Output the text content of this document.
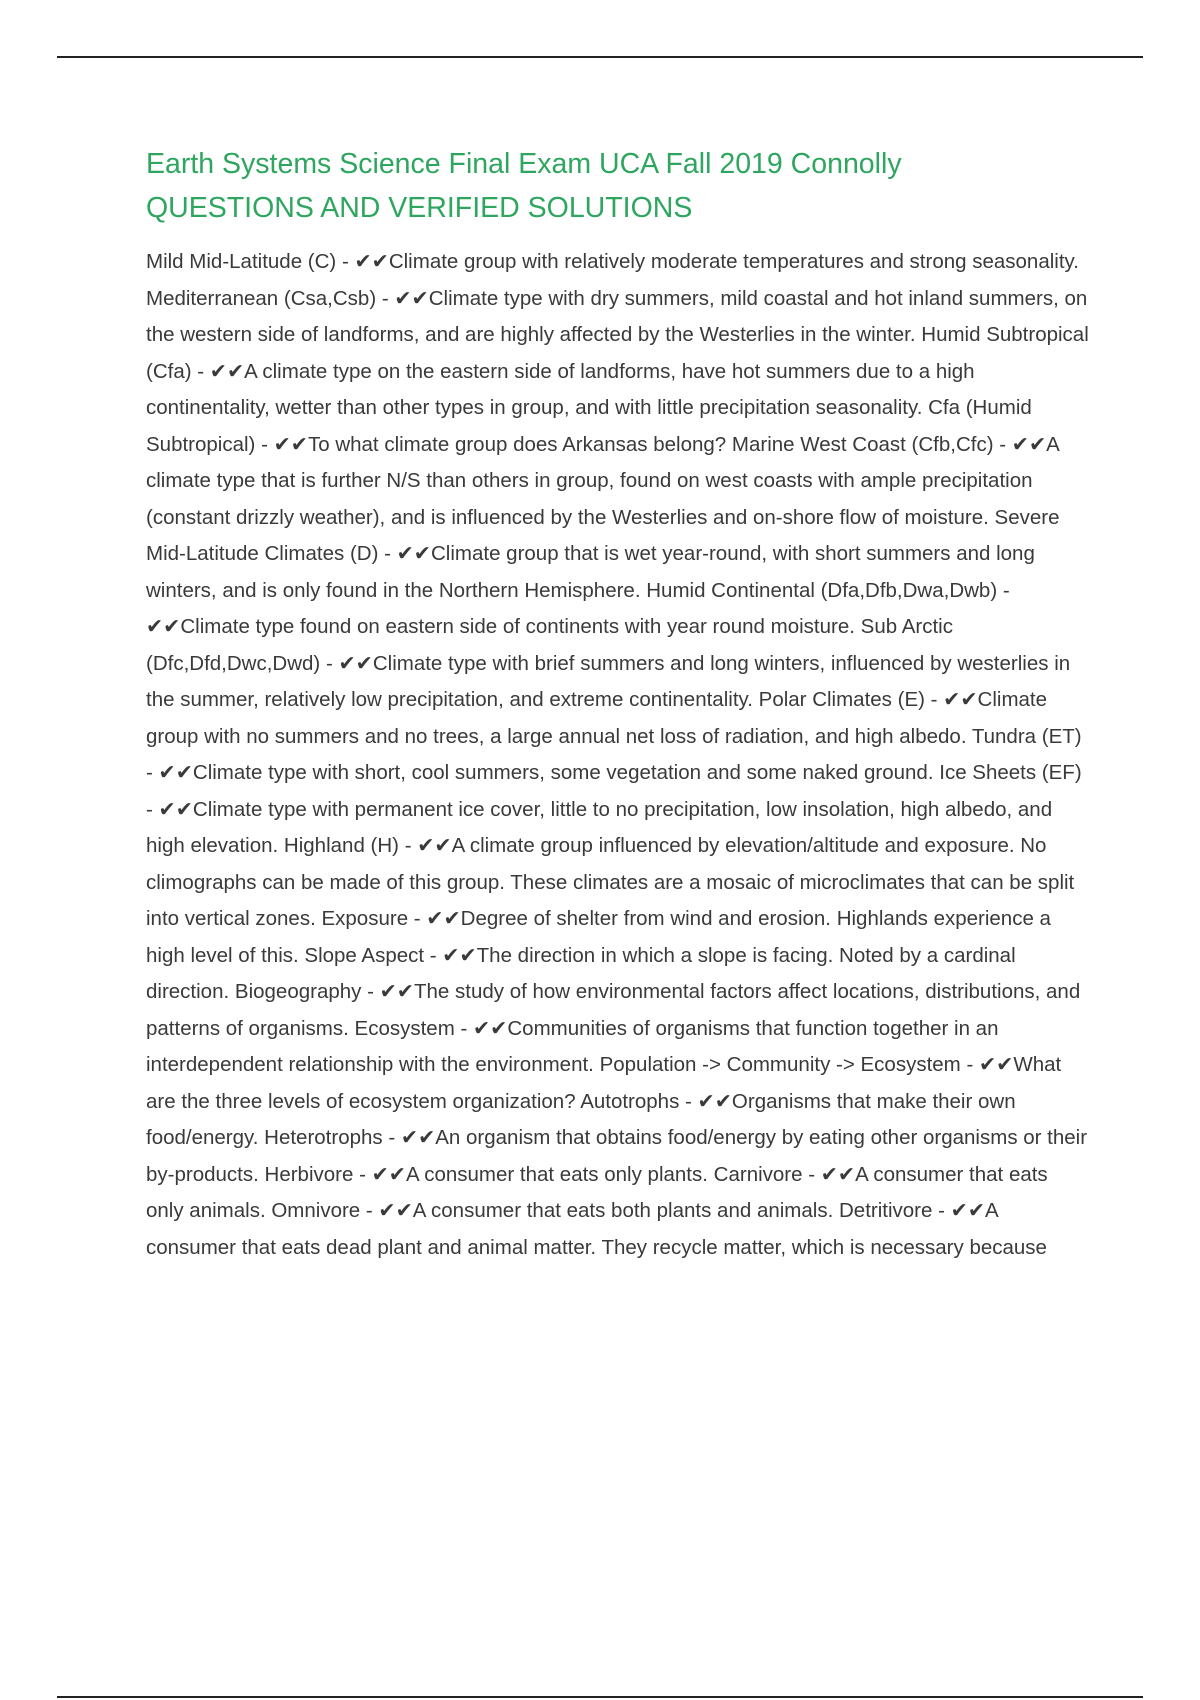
Earth Systems Science Final Exam UCA Fall 2019 Connolly
QUESTIONS AND VERIFIED SOLUTIONS

Mild Mid-Latitude (C) - ✔✔Climate group with relatively moderate temperatures and strong seasonality. Mediterranean (Csa,Csb) - ✔✔Climate type with dry summers, mild coastal and hot inland summers, on the western side of landforms, and are highly affected by the Westerlies in the winter. Humid Subtropical (Cfa) - ✔✔A climate type on the eastern side of landforms, have hot summers due to a high continentality, wetter than other types in group, and with little precipitation seasonality. Cfa (Humid Subtropical) - ✔✔To what climate group does Arkansas belong? Marine West Coast (Cfb,Cfc) - ✔✔A climate type that is further N/S than others in group, found on west coasts with ample precipitation (constant drizzly weather), and is influenced by the Westerlies and on-shore flow of moisture. Severe Mid-Latitude Climates (D) - ✔✔Climate group that is wet year-round, with short summers and long winters, and is only found in the Northern Hemisphere. Humid Continental (Dfa,Dfb,Dwa,Dwb) - ✔✔Climate type found on eastern side of continents with year round moisture. Sub Arctic (Dfc,Dfd,Dwc,Dwd) - ✔✔Climate type with brief summers and long winters, influenced by westerlies in the summer, relatively low precipitation, and extreme continentality. Polar Climates (E) - ✔✔Climate group with no summers and no trees, a large annual net loss of radiation, and high albedo. Tundra (ET) - ✔✔Climate type with short, cool summers, some vegetation and some naked ground. Ice Sheets (EF) - ✔✔Climate type with permanent ice cover, little to no precipitation, low insolation, high albedo, and high elevation. Highland (H) - ✔✔A climate group influenced by elevation/altitude and exposure. No climographs can be made of this group. These climates are a mosaic of microclimates that can be split into vertical zones. Exposure - ✔✔Degree of shelter from wind and erosion. Highlands experience a high level of this. Slope Aspect - ✔✔The direction in which a slope is facing. Noted by a cardinal direction. Biogeography - ✔✔The study of how environmental factors affect locations, distributions, and patterns of organisms. Ecosystem - ✔✔Communities of organisms that function together in an interdependent relationship with the environment. Population -> Community -> Ecosystem - ✔✔What are the three levels of ecosystem organization? Autotrophs - ✔✔Organisms that make their own food/energy. Heterotrophs - ✔✔An organism that obtains food/energy by eating other organisms or their by-products. Herbivore - ✔✔A consumer that eats only plants. Carnivore - ✔✔A consumer that eats only animals. Omnivore - ✔✔A consumer that eats both plants and animals. Detritivore - ✔✔A consumer that eats dead plant and animal matter. They recycle matter, which is necessary because
